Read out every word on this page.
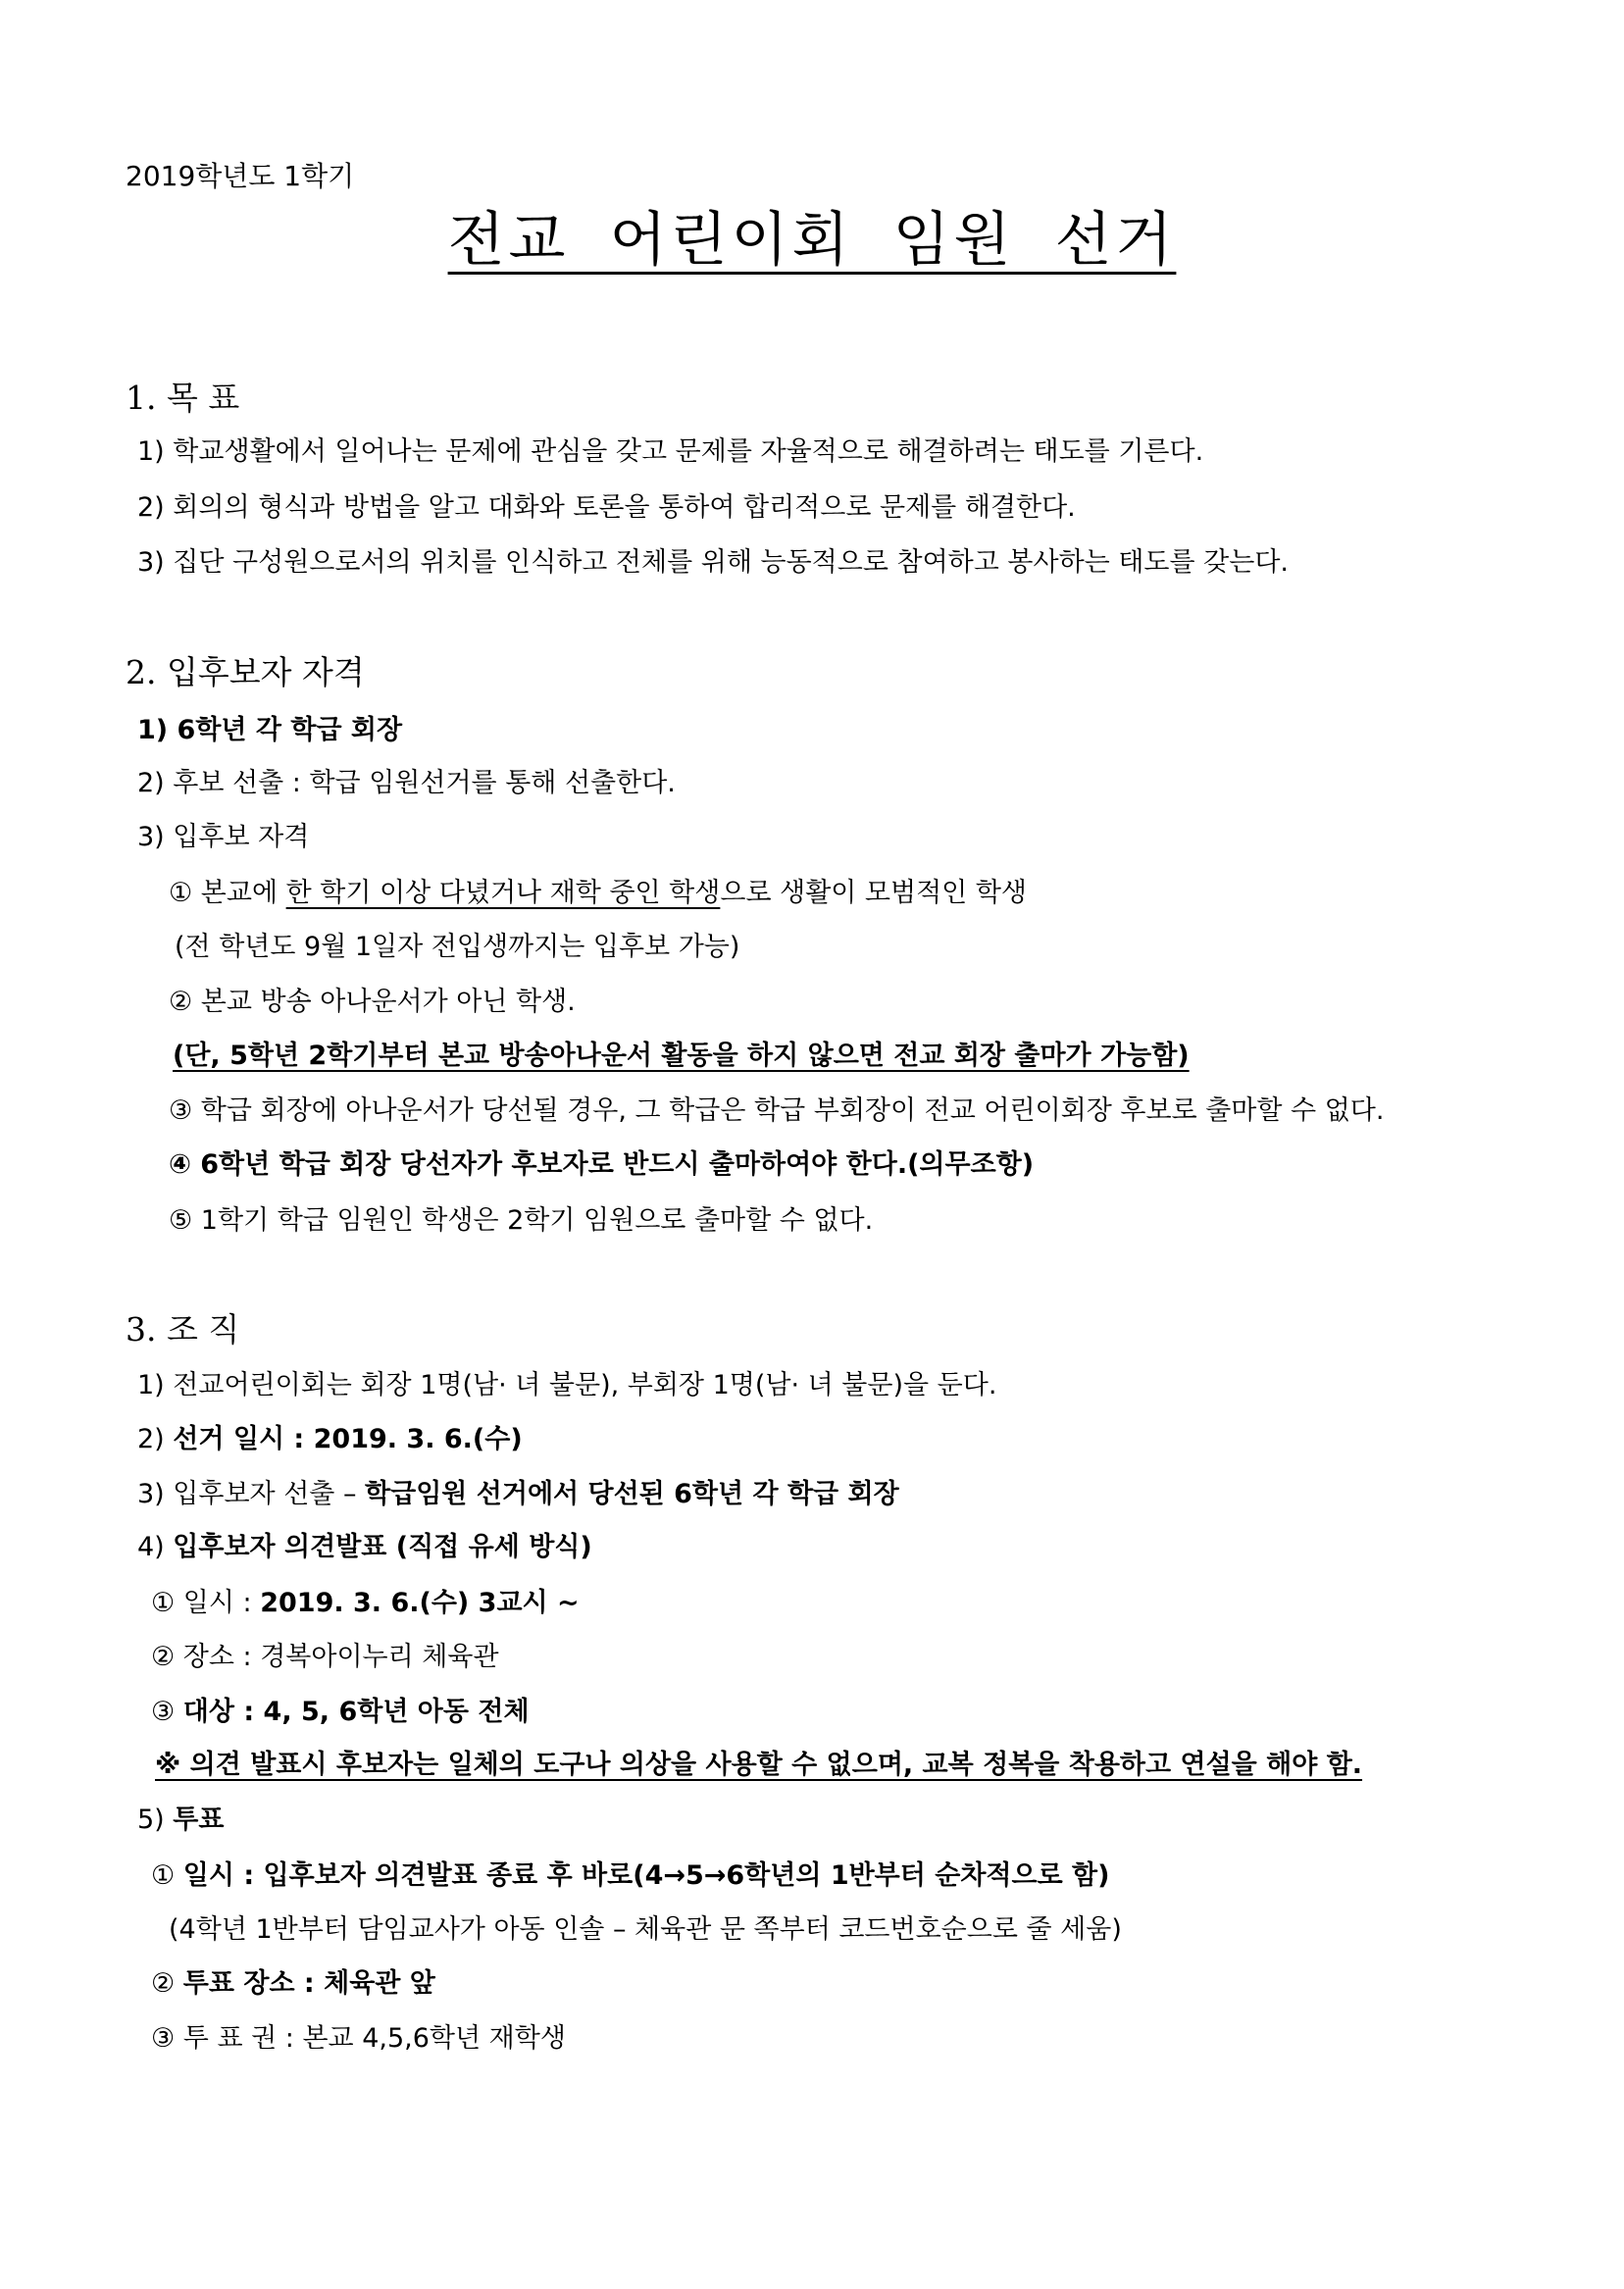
2019학년도 1학기
전교 어린이회 임원 선거
1. 목 표
1) 학교생활에서 일어나는 문제에 관심을 갖고 문제를 자율적으로 해결하려는 태도를 기른다.
2) 회의의 형식과 방법을 알고 대화와 토론을 통하여 합리적으로 문제를 해결한다.
3) 집단 구성원으로서의 위치를 인식하고 전체를 위해 능동적으로 참여하고 봉사하는 태도를 갖는다.
2. 입후보자 자격
1) 6학년 각 학급 회장
2) 후보 선출 : 학급 임원선거를 통해 선출한다.
3) 입후보 자격
① 본교에 한 학기 이상 다녔거나 재학 중인 학생으로 생활이 모범적인 학생
(전 학년도 9월 1일자 전입생까지는 입후보 가능)
② 본교 방송 아나운서가 아닌 학생.
(단, 5학년 2학기부터 본교 방송아나운서 활동을 하지 않으면 전교 회장 출마가 가능함)
③ 학급 회장에 아나운서가 당선될 경우, 그 학급은 학급 부회장이 전교 어린이회장 후보로 출마할 수 없다.
④ 6학년 학급 회장 당선자가 후보자로 반드시 출마하여야 한다.(의무조항)
⑤ 1학기 학급 임원인 학생은 2학기 임원으로 출마할 수 없다.
3. 조 직
1) 전교어린이회는 회장 1명(남· 녀 불문), 부회장 1명(남· 녀 불문)을 둔다.
2) 선거 일시 : 2019. 3. 6.(수)
3) 입후보자 선출 – 학급임원 선거에서 당선된 6학년 각 학급 회장
4) 입후보자 의견발표 (직접 유세 방식)
① 일시 : 2019. 3. 6.(수) 3교시 ~
② 장소 : 경복아이누리 체육관
③ 대상 : 4, 5, 6학년 아동 전체
※ 의견 발표시 후보자는 일체의 도구나 의상을 사용할 수 없으며, 교복 정복을 착용하고 연설을 해야 함.
5) 투표
① 일시 : 입후보자 의견발표 종료 후 바로(4→5→6학년의 1반부터 순차적으로 함)
(4학년 1반부터 담임교사가 아동 인솔 – 체육관 문 쪽부터 코드번호순으로 줄 세움)
② 투표 장소 : 체육관 앞
③ 투 표 권 : 본교 4,5,6학년 재학생
